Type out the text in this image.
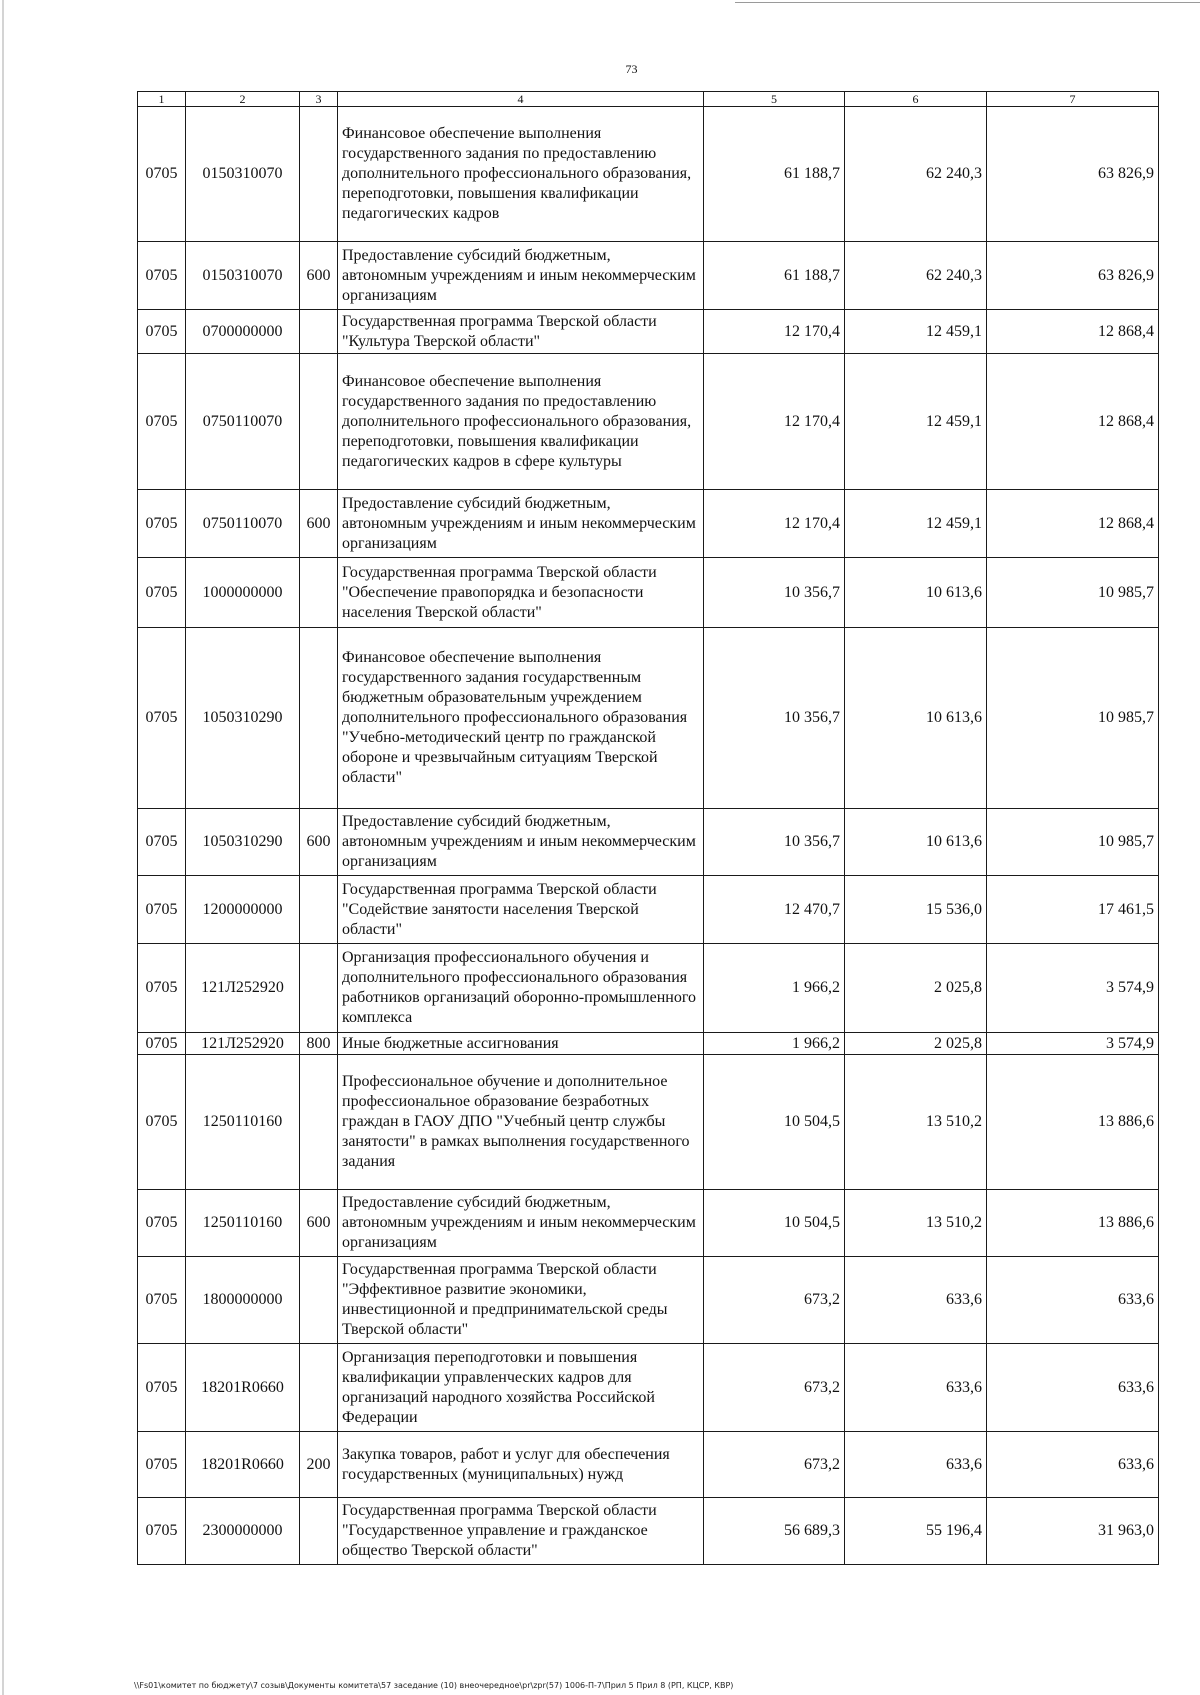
73
1	2	3	4	5	6	7
0705	0150310070		Финансовое обеспечение выполнения государственного задания по предоставлению дополнительного профессионального образования, переподготовки, повышения квалификации педагогических кадров	61 188,7	62 240,3	63 826,9
0705	0150310070	600	Предоставление субсидий бюджетным, автономным учреждениям и иным некоммерческим организациям	61 188,7	62 240,3	63 826,9
0705	0700000000		Государственная программа Тверской области "Культура Тверской области"	12 170,4	12 459,1	12 868,4
0705	0750110070		Финансовое обеспечение выполнения государственного задания по предоставлению дополнительного профессионального образования, переподготовки, повышения квалификации педагогических кадров в сфере культуры	12 170,4	12 459,1	12 868,4
0705	0750110070	600	Предоставление субсидий бюджетным, автономным учреждениям и иным некоммерческим организациям	12 170,4	12 459,1	12 868,4
0705	1000000000		Государственная программа Тверской области "Обеспечение правопорядка и безопасности населения Тверской области"	10 356,7	10 613,6	10 985,7
0705	1050310290		Финансовое обеспечение выполнения государственного задания государственным бюджетным образовательным учреждением дополнительного профессионального образования "Учебно-методический центр по гражданской обороне и чрезвычайным ситуациям Тверской области"	10 356,7	10 613,6	10 985,7
0705	1050310290	600	Предоставление субсидий бюджетным, автономным учреждениям и иным некоммерческим организациям	10 356,7	10 613,6	10 985,7
0705	1200000000		Государственная программа Тверской области "Содействие занятости населения Тверской области"	12 470,7	15 536,0	17 461,5
0705	121Л252920		Организация профессионального обучения и дополнительного профессионального образования работников организаций оборонно-промышленного комплекса	1 966,2	2 025,8	3 574,9
0705	121Л252920	800	Иные бюджетные ассигнования	1 966,2	2 025,8	3 574,9
0705	1250110160		Профессиональное обучение и дополнительное профессиональное образование безработных граждан в ГАОУ ДПО "Учебный центр службы занятости" в рамках выполнения государственного задания	10 504,5	13 510,2	13 886,6
0705	1250110160	600	Предоставление субсидий бюджетным, автономным учреждениям и иным некоммерческим организациям	10 504,5	13 510,2	13 886,6
0705	1800000000		Государственная программа Тверской области "Эффективное развитие экономики, инвестиционной и предпринимательской среды Тверской области"	673,2	633,6	633,6
0705	18201R0660		Организация переподготовки и повышения квалификации управленческих кадров для организаций народного хозяйства Российской Федерации	673,2	633,6	633,6
0705	18201R0660	200	Закупка товаров, работ и услуг для обеспечения государственных (муниципальных) нужд	673,2	633,6	633,6
0705	2300000000		Государственная программа Тверской области "Государственное управление и гражданское общество Тверской области"	56 689,3	55 196,4	31 963,0
\\Fs01\комитет по бюджету\7 созыв\Документы комитета\57 заседание (10) внеочередное\pr\zpr(57) 1006-П-7\Прил 5 Прил 8 (РП, КЦСР, КВР)
